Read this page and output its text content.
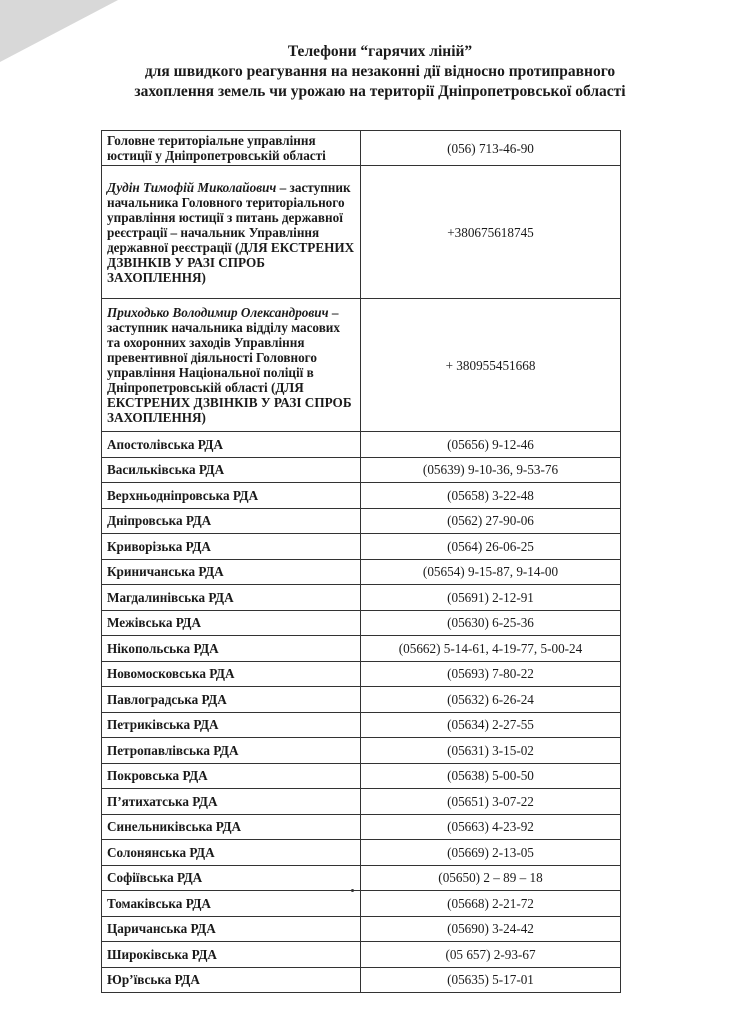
Телефони “гарячих ліній”
для швидкого реагування на незаконні дії відносно протиправного
захоплення земель чи урожаю на території Дніпропетровської області
Головне територіальне управління юстиції у Дніпропетровській області	(056) 713-46-90
Дудін Тимофій Миколайович – заступник начальника Головного територіального управління юстиції з питань державної реєстрації – начальник Управління державної реєстрації (ДЛЯ ЕКСТРЕНИХ ДЗВІНКІВ У РАЗІ СПРОБ ЗАХОПЛЕННЯ)	+380675618745
Приходько Володимир Олександрович – заступник начальника відділу масових та охоронних заходів Управління превентивної діяльності Головного управління Національної поліції в Дніпропетровській області (ДЛЯ ЕКСТРЕНИХ ДЗВІНКІВ У РАЗІ СПРОБ ЗАХОПЛЕННЯ)	+ 380955451668
Апостолівська РДА	(05656) 9-12-46
Васильківська РДА	(05639) 9-10-36, 9-53-76
Верхньодніпровська РДА	(05658) 3-22-48
Дніпровська РДА	(0562) 27-90-06
Криворізька РДА	(0564) 26-06-25
Криничанська РДА	(05654) 9-15-87, 9-14-00
Магдалинівська РДА	(05691) 2-12-91
Межівська РДА	(05630) 6-25-36
Нікопольська РДА	(05662) 5-14-61, 4-19-77, 5-00-24
Новомосковська РДА	(05693) 7-80-22
Павлоградська РДА	(05632) 6-26-24
Петриківська РДА	(05634) 2-27-55
Петропавлівська РДА	(05631) 3-15-02
Покровська РДА	(05638) 5-00-50
П’ятихатська РДА	(05651) 3-07-22
Синельниківська РДА	(05663) 4-23-92
Солонянська РДА	(05669) 2-13-05
Софіївська РДА	(05650) 2 – 89 – 18
Томаківська РДА	(05668) 2-21-72
Царичанська РДА	(05690) 3-24-42
Широківська РДА	(05 657) 2-93-67
Юр’ївська РДА	(05635) 5-17-01
